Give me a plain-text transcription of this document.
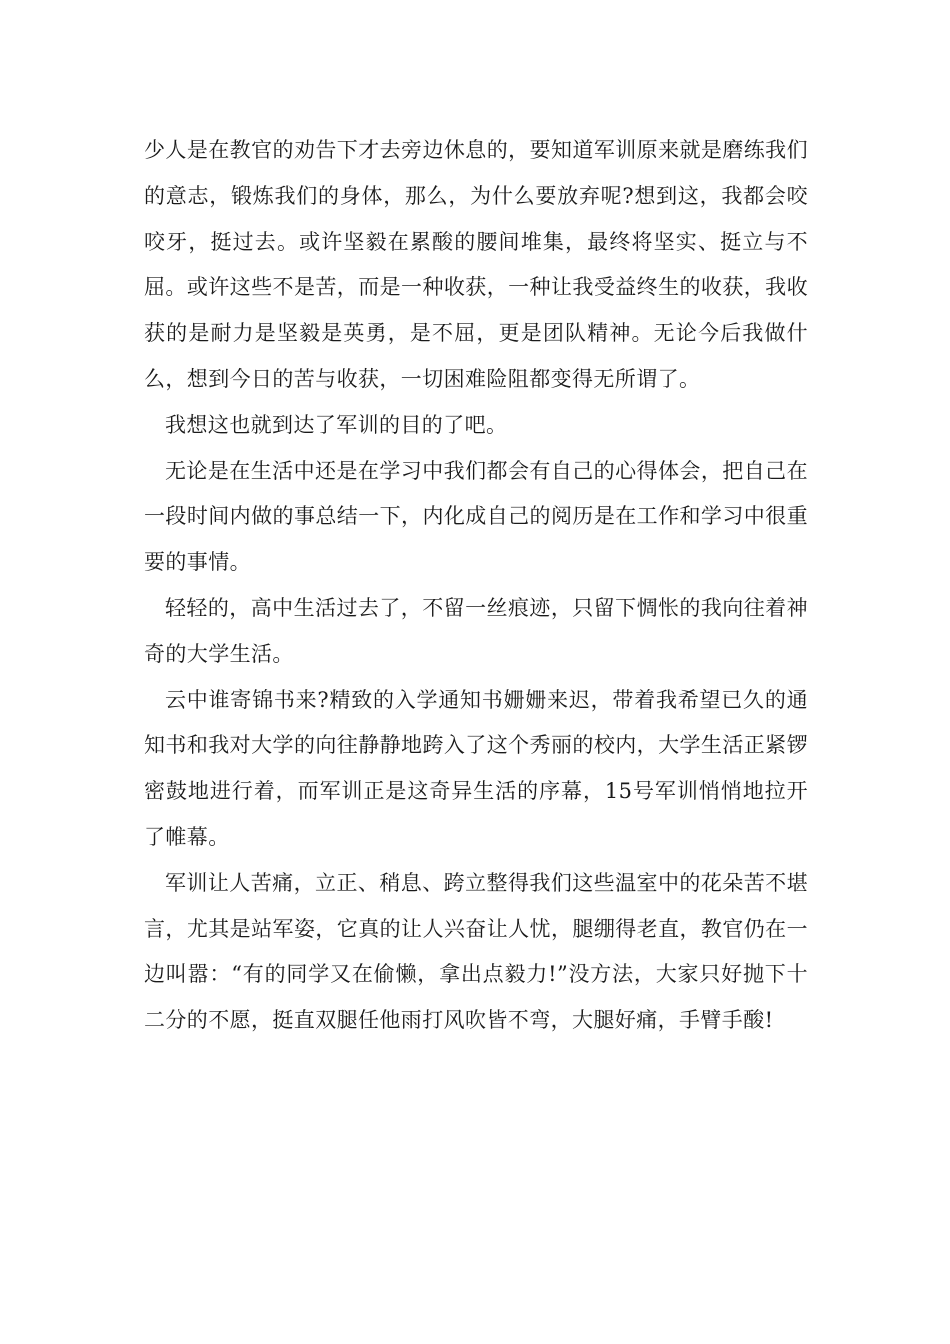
少人是在教官的劝告下才去旁边休息的，要知道军训原来就是磨练我们的意志，锻炼我们的身体，那么，为什么要放弃呢?想到这，我都会咬咬牙，挺过去。或许坚毅在累酸的腰间堆集，最终将坚实、挺立与不屈。或许这些不是苦，而是一种收获，一种让我受益终生的收获，我收获的是耐力是坚毅是英勇，是不屈，更是团队精神。无论今后我做什么，想到今日的苦与收获，一切困难险阻都变得无所谓了。

我想这也就到达了军训的目的了吧。

无论是在生活中还是在学习中我们都会有自己的心得体会，把自己在一段时间内做的事总结一下，内化成自己的阅历是在工作和学习中很重要的事情。

轻轻的，高中生活过去了，不留一丝痕迹，只留下惆怅的我向往着神奇的大学生活。

云中谁寄锦书来?精致的入学通知书姗姗来迟，带着我希望已久的通知书和我对大学的向往静静地跨入了这个秀丽的校内，大学生活正紧锣密鼓地进行着，而军训正是这奇异生活的序幕，15号军训悄悄地拉开了帷幕。

军训让人苦痛，立正、稍息、跨立整得我们这些温室中的花朵苦不堪言，尤其是站军姿，它真的让人兴奋让人忧，腿绷得老直，教官仍在一边叫嚣：“有的同学又在偷懒，拿出点毅力!”没方法，大家只好抛下十二分的不愿，挺直双腿任他雨打风吹皆不弯，大腿好痛，手臂手酸!
